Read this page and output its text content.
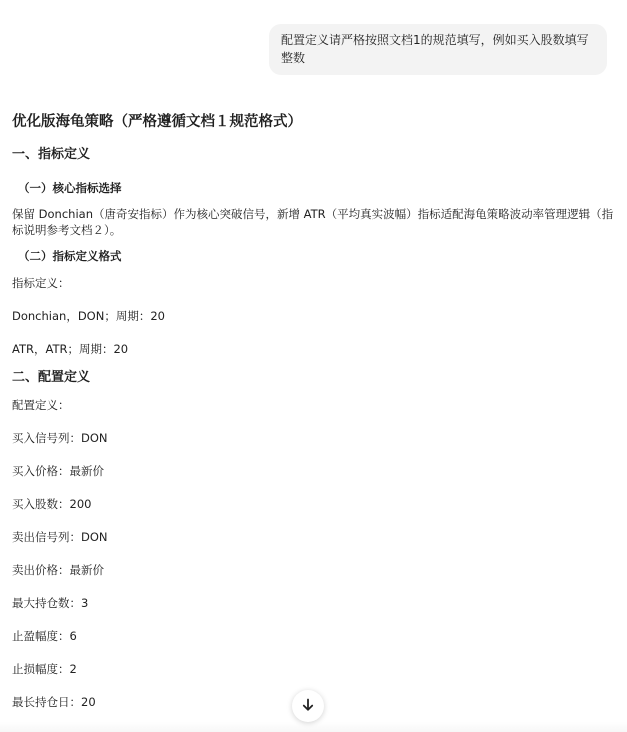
配置定义请严格按照文档1的规范填写，例如买入股数填写整数
优化版海龟策略（严格遵循文档１规范格式）
一、指标定义
（一）核心指标选择
保留 Donchian（唐奇安指标）作为核心突破信号，新增 ATR（平均真实波幅）指标适配海龟策略波动率管理逻辑（指标说明参考文档２）。
（二）指标定义格式
指标定义：
Donchian，DON；周期：20
ATR，ATR；周期：20
二、配置定义
配置定义：
买入信号列：DON
买入价格：最新价
买入股数：200
卖出信号列：DON
卖出价格：最新价
最大持仓数：3
止盈幅度：6
止损幅度：2
最长持仓日：20
